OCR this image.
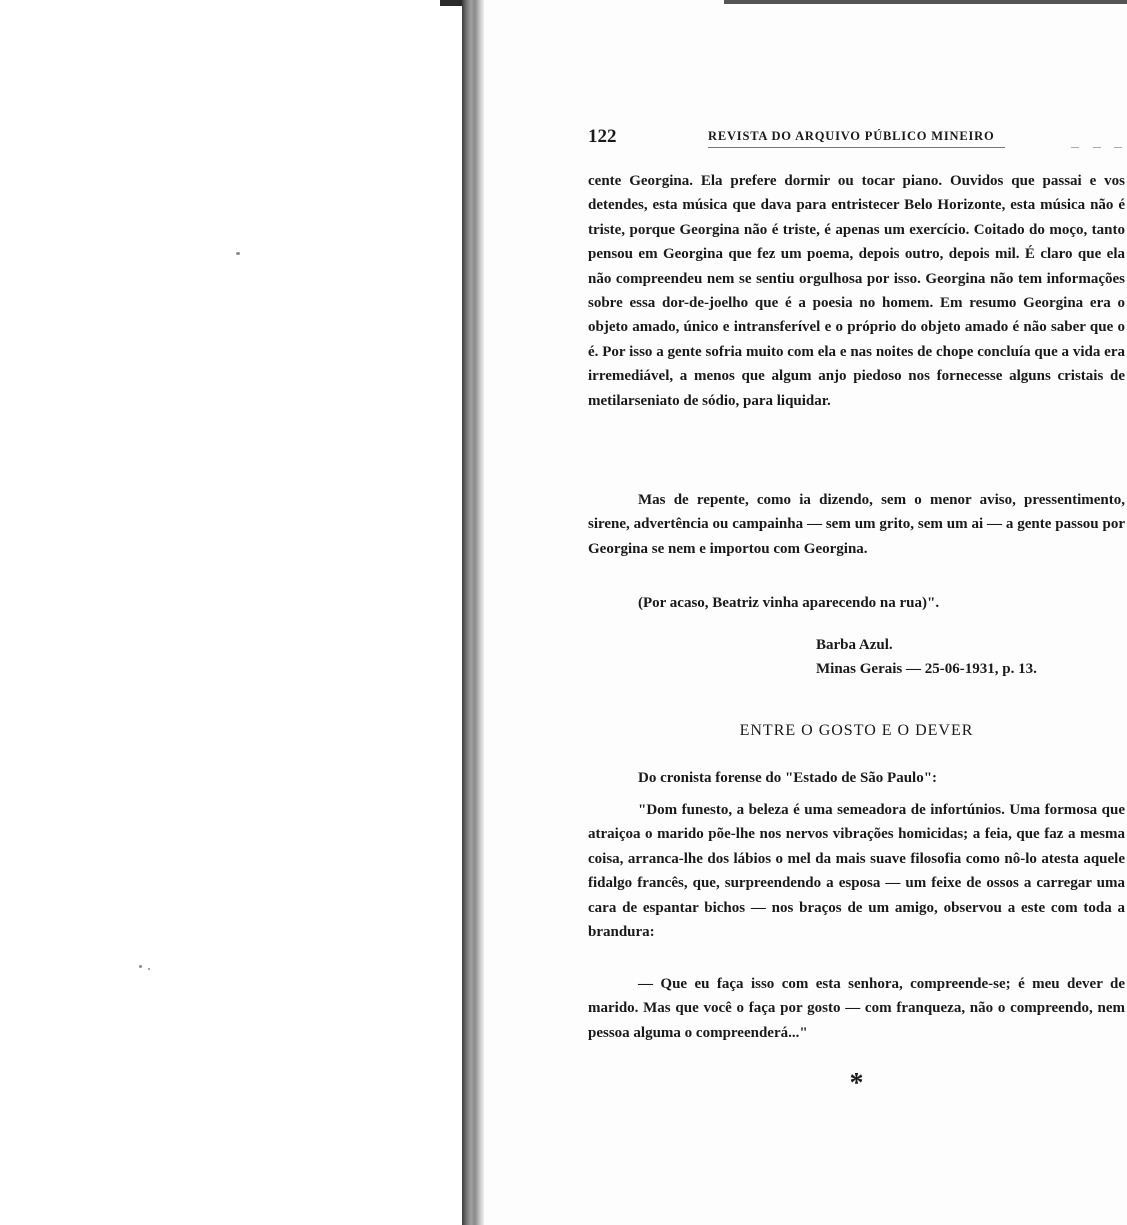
122	REVISTA DO ARQUIVO PÚBLICO MINEIRO

cente Georgina. Ela prefere dormir ou tocar piano. Ouvidos que passai e vos detendes, esta música que dava para entristecer Belo Horizonte, esta música não é triste, porque Georgina não é triste, é apenas um exercício. Coitado do moço, tanto pensou em Georgina que fez um poema, depois outro, depois mil. É claro que ela não compreendeu nem se sentiu orgulhosa por isso. Georgina não tem informações sobre essa dor-de-joelho que é a poesia no homem. Em resumo Georgina era o objeto amado, único e intransferível e o próprio do objeto amado é não saber que o é. Por isso a gente sofria muito com ela e nas noites de chope concluía que a vida era irremediável, a menos que algum anjo piedoso nos fornecesse alguns cristais de metilarseniato de sódio, para liquidar.

Mas de repente, como ia dizendo, sem o menor aviso, pressentimento, sirene, advertência ou campainha — sem um grito, sem um ai — a gente passou por Georgina se nem e importou com Georgina.

(Por acaso, Beatriz vinha aparecendo na rua)".

Barba Azul.
Minas Gerais — 25-06-1931, p. 13.
ENTRE O GOSTO E O DEVER

Do cronista forense do "Estado de São Paulo":

"Dom funesto, a beleza é uma semeadora de infortúnios. Uma formosa que atraiçoa o marido põe-lhe nos nervos vibrações homicidas; a feia, que faz a mesma coisa, arranca-lhe dos lábios o mel da mais suave filosofia como nô-lo atesta aquele fidalgo francês, que, surpreendendo a esposa — um feixe de ossos a carregar uma cara de espantar bichos — nos braços de um amigo, observou a este com toda a brandura:

— Que eu faça isso com esta senhora, compreende-se; é meu dever de marido. Mas que você o faça por gosto — com franqueza, não o compreendo, nem pessoa alguma o compreenderá..."

*
